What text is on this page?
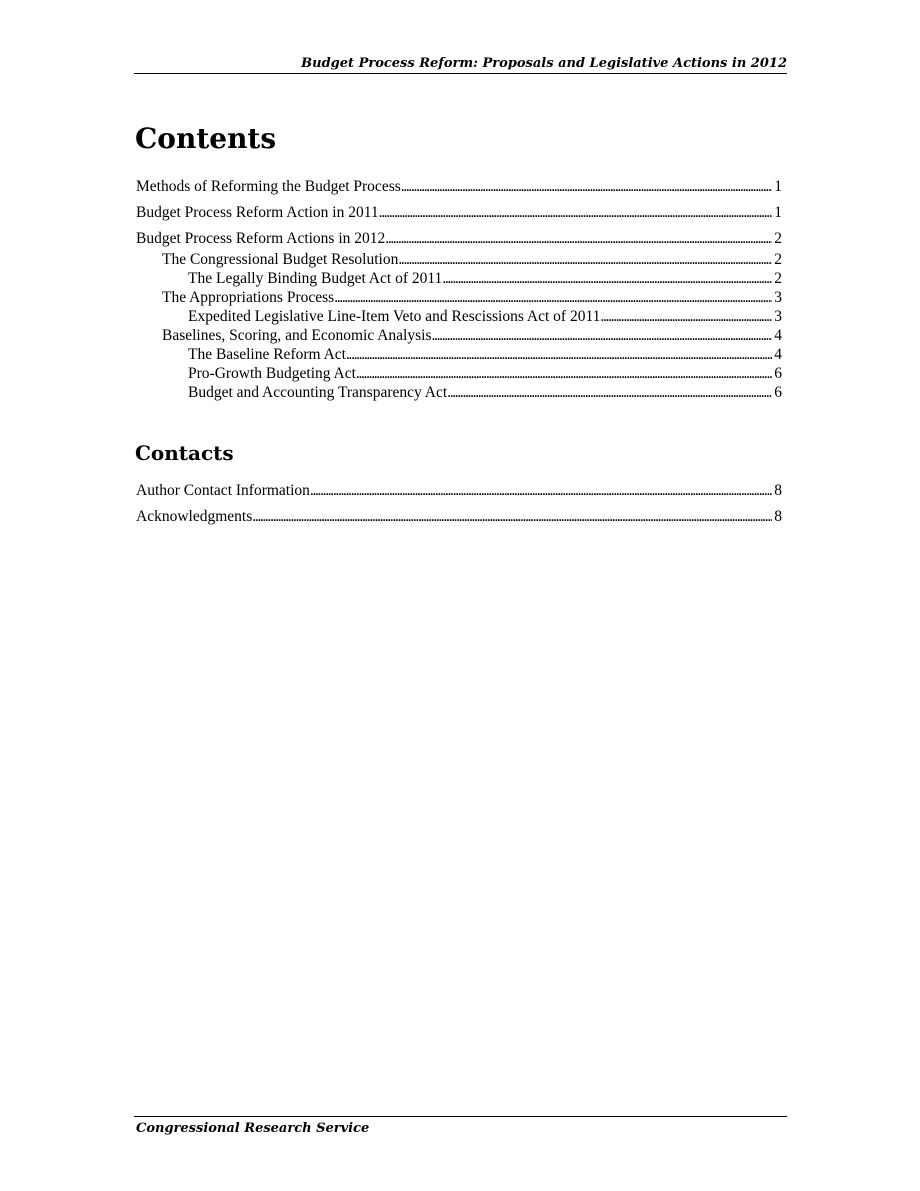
Budget Process Reform: Proposals and Legislative Actions in 2012
Contents
Methods of Reforming the Budget Process . . .	1
Budget Process Reform Action in 2011 . . .	1
Budget Process Reform Actions in 2012 . . .	2
The Congressional Budget Resolution . . .	2
The Legally Binding Budget Act of 2011 . . .	2
The Appropriations Process . . .	3
Expedited Legislative Line-Item Veto and Rescissions Act of 2011 . . .	3
Baselines, Scoring, and Economic Analysis . . .	4
The Baseline Reform Act . . .	4
Pro-Growth Budgeting Act . . .	6
Budget and Accounting Transparency Act . . .	6
Contacts
Author Contact Information . . .	8
Acknowledgments . . .	8
Congressional Research Service
